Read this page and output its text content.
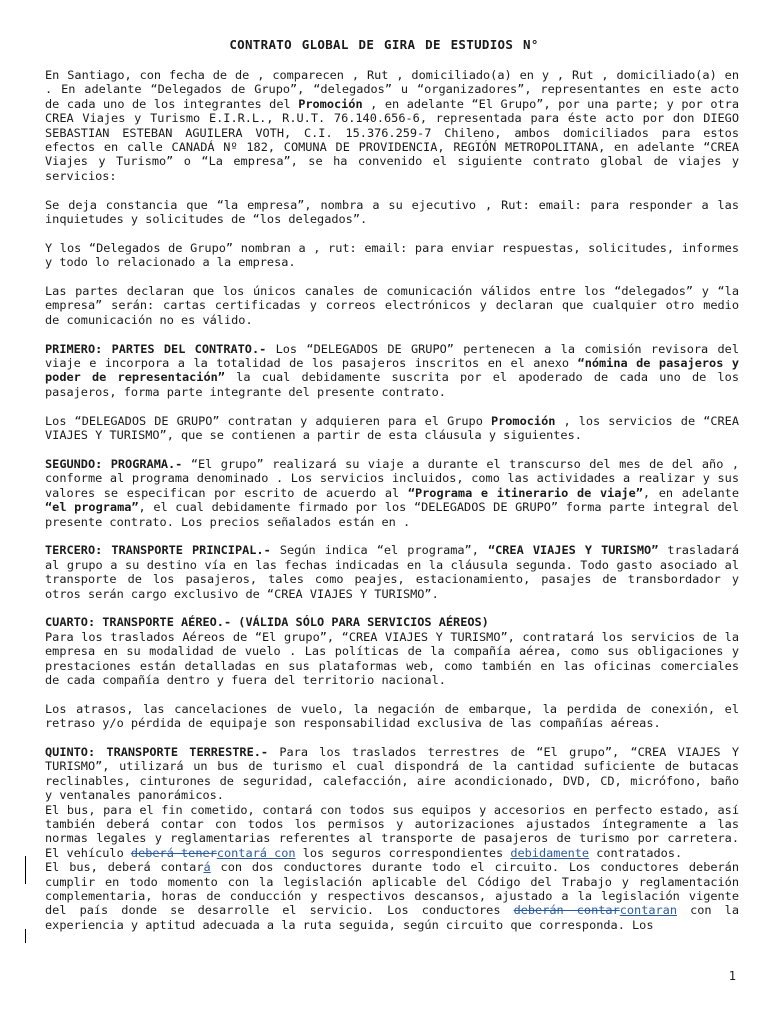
CONTRATO GLOBAL DE GIRA DE ESTUDIOS N°

En Santiago, con fecha de de , comparecen , Rut , domiciliado(a) en y , Rut , domiciliado(a) en . En adelante “Delegados de Grupo”, “delegados” u “organizadores”, representantes en este acto de cada uno de los integrantes del Promoción , en adelante “El Grupo”, por una parte; y por otra CREA Viajes y Turismo E.I.R.L., R.U.T. 76.140.656-6, representada para éste acto por don DIEGO SEBASTIAN ESTEBAN AGUILERA VOTH, C.I. 15.376.259-7 Chileno, ambos domiciliados para estos efectos en calle CANADÁ Nº 182, COMUNA DE PROVIDENCIA, REGIÓN METROPOLITANA, en adelante “CREA Viajes y Turismo” o “La empresa”, se ha convenido el siguiente contrato global de viajes y servicios:

Se deja constancia que “la empresa”, nombra a su ejecutivo , Rut: email: para responder a las inquietudes y solicitudes de “los delegados”.

Y los “Delegados de Grupo” nombran a , rut: email: para enviar respuestas, solicitudes, informes y todo lo relacionado a la empresa.

Las partes declaran que los únicos canales de comunicación válidos entre los “delegados” y “la empresa” serán: cartas certificadas y correos electrónicos y declaran que cualquier otro medio de comunicación no es válido.

PRIMERO: PARTES DEL CONTRATO.- Los “DELEGADOS DE GRUPO” pertenecen a la comisión revisora del viaje e incorpora a la totalidad de los pasajeros inscritos en el anexo “nómina de pasajeros y poder de representación” la cual debidamente suscrita por el apoderado de cada uno de los pasajeros, forma parte integrante del presente contrato.

Los “DELEGADOS DE GRUPO” contratan y adquieren para el Grupo Promoción , los servicios de “CREA VIAJES Y TURISMO”, que se contienen a partir de esta cláusula y siguientes.

SEGUNDO: PROGRAMA.- “El grupo” realizará su viaje a durante el transcurso del mes de del año , conforme al programa denominado . Los servicios incluidos, como las actividades a realizar y sus valores se especifican por escrito de acuerdo al “Programa e itinerario de viaje”, en adelante “el programa”, el cual debidamente firmado por los “DELEGADOS DE GRUPO” forma parte integral del presente contrato. Los precios señalados están en .

TERCERO: TRANSPORTE PRINCIPAL.- Según indica “el programa”, “CREA VIAJES Y TURISMO” trasladará al grupo a su destino vía en las fechas indicadas en la cláusula segunda. Todo gasto asociado al transporte de los pasajeros, tales como peajes, estacionamiento, pasajes de transbordador y otros serán cargo exclusivo de “CREA VIAJES Y TURISMO”.

CUARTO: TRANSPORTE AÉREO.- (VÁLIDA SÓLO PARA SERVICIOS AÉREOS)
Para los traslados Aéreos de “El grupo”, “CREA VIAJES Y TURISMO”, contratará los servicios de la empresa en su modalidad de vuelo . Las políticas de la compañía aérea, como sus obligaciones y prestaciones están detalladas en sus plataformas web, como también en las oficinas comerciales de cada compañía dentro y fuera del territorio nacional.

Los atrasos, las cancelaciones de vuelo, la negación de embarque, la perdida de conexión, el retraso y/o pérdida de equipaje son responsabilidad exclusiva de las compañías aéreas.

QUINTO: TRANSPORTE TERRESTRE.- Para los traslados terrestres de “El grupo”, “CREA VIAJES Y TURISMO”, utilizará un bus de turismo el cual dispondrá de la cantidad suficiente de butacas reclinables, cinturones de seguridad, calefacción, aire acondicionado, DVD, CD, micrófono, baño y ventanales panorámicos.

El bus, para el fin cometido, contará con todos sus equipos y accesorios en perfecto estado, así también deberá contar con todos los permisos y autorizaciones ajustados íntegramente a las normas legales y reglamentarias referentes al transporte de pasajeros de turismo por carretera. El vehículo deberá tenercontará con los seguros correspondientes debidamente contratados.

El bus, deberá contará con dos conductores durante todo el circuito. Los conductores deberán cumplir en todo momento con la legislación aplicable del Código del Trabajo y reglamentación complementaria, horas de conducción y respectivos descansos, ajustado a la legislación vigente del país donde se desarrolle el servicio. Los conductores deberán contarcontaran con la experiencia y aptitud adecuada a la ruta seguida, según circuito que corresponda. Los

1
